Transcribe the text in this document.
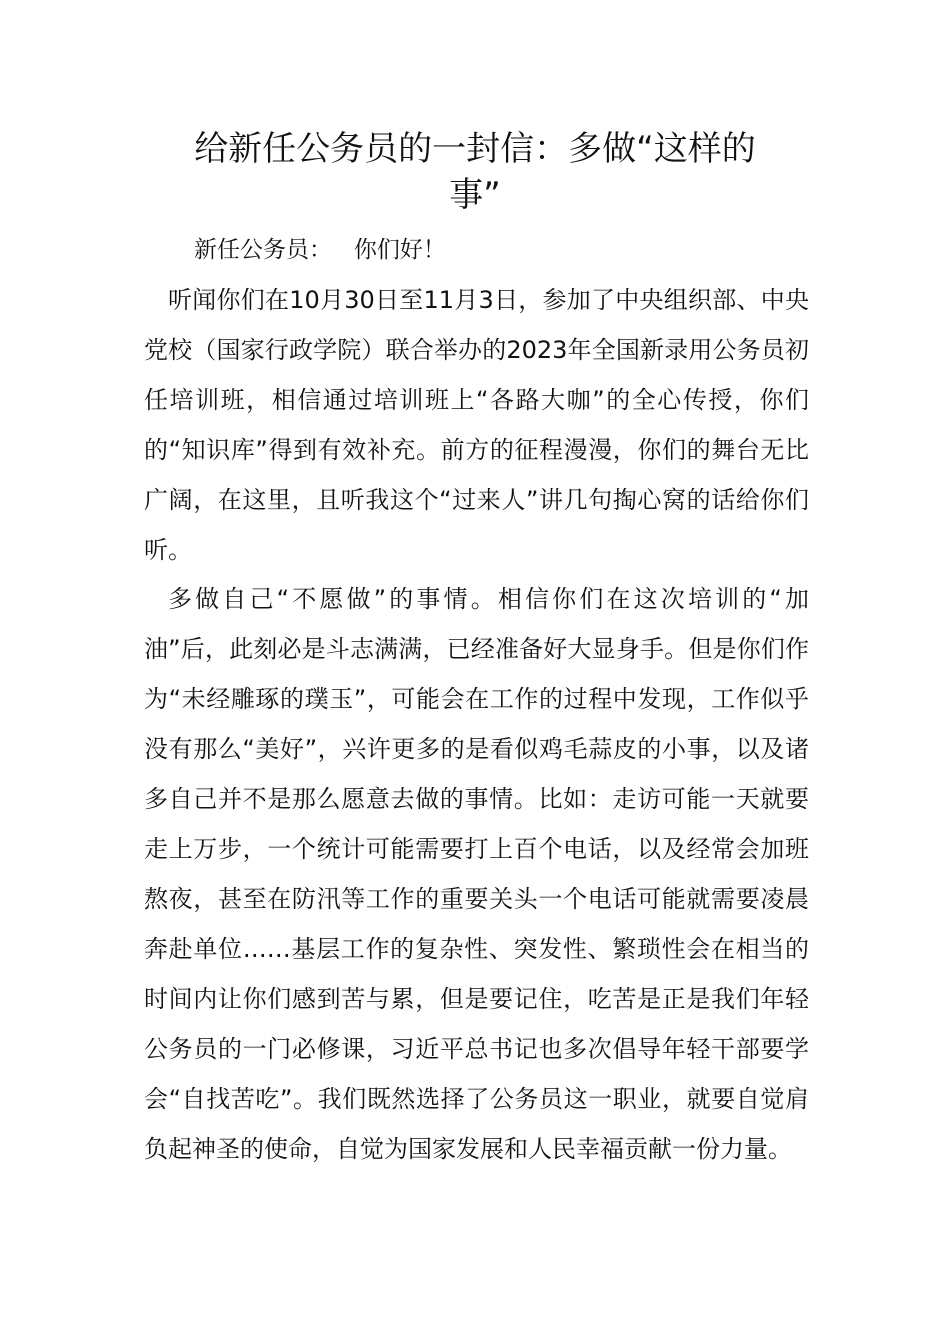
给新任公务员的一封信：多做“这样的事”
新任公务员：   你们好！

听闻你们在10月30日至11月3日，参加了中央组织部、中央党校（国家行政学院）联合举办的2023年全国新录用公务员初任培训班，相信通过培训班上“各路大咖”的全心传授，你们的“知识库”得到有效补充。前方的征程漫漫，你们的舞台无比广阔，在这里，且听我这个“过来人”讲几句掏心窝的话给你们听。

多做自己“不愿做”的事情。相信你们在这次培训的“加油”后，此刻必是斗志满满，已经准备好大显身手。但是你们作为“未经雕琢的璞玉”，可能会在工作的过程中发现，工作似乎没有那么“美好”，兴许更多的是看似鸡毛蒜皮的小事，以及诸多自己并不是那么愿意去做的事情。比如：走访可能一天就要走上万步，一个统计可能需要打上百个电话，以及经常会加班熬夜，甚至在防汛等工作的重要关头一个电话可能就需要凌晨奔赴单位……基层工作的复杂性、突发性、繁琐性会在相当的时间内让你们感到苦与累，但是要记住，吃苦是正是我们年轻公务员的一门必修课，习近平总书记也多次倡导年轻干部要学会“自找苦吃”。我们既然选择了公务员这一职业，就要自觉肩负起神圣的使命，自觉为国家发展和人民幸福贡献一份力量。
